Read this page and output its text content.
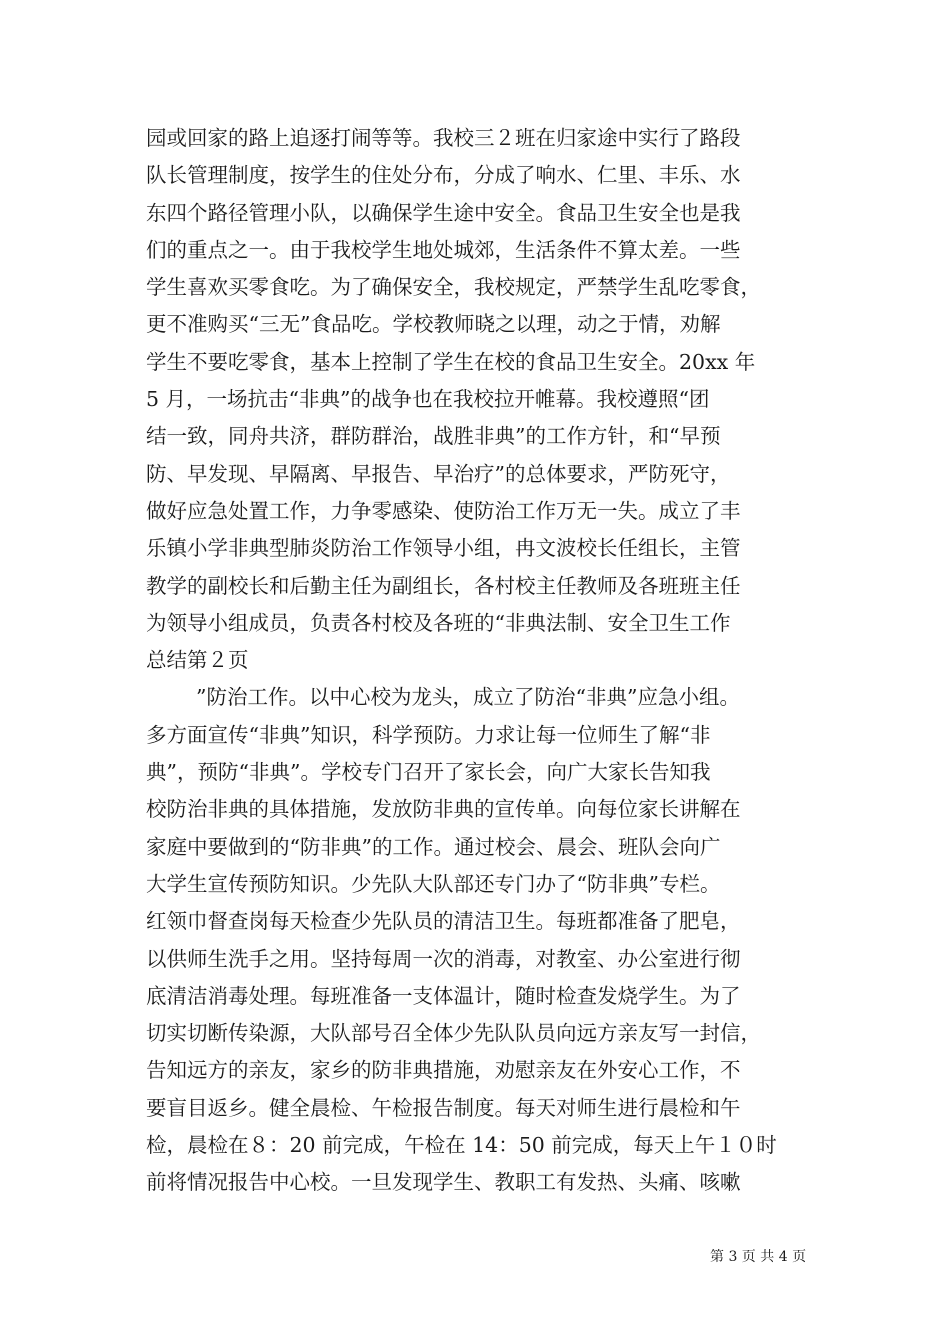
园或回家的路上追逐打闹等等。我校三２班在归家途中实行了路段
队长管理制度，按学生的住处分布，分成了响水、仁里、丰乐、水
东四个路径管理小队，以确保学生途中安全。食品卫生安全也是我
们的重点之一。由于我校学生地处城郊，生活条件不算太差。一些
学生喜欢买零食吃。为了确保安全，我校规定，严禁学生乱吃零食，
更不准购买“三无”食品吃。学校教师晓之以理，动之于情，劝解
学生不要吃零食，基本上控制了学生在校的食品卫生安全。20xx 年
5 月，一场抗击“非典”的战争也在我校拉开帷幕。我校遵照“团
结一致，同舟共济，群防群治，战胜非典”的工作方针，和“早预
防、早发现、早隔离、早报告、早治疗”的总体要求，严防死守，
做好应急处置工作，力争零感染、使防治工作万无一失。成立了丰
乐镇小学非典型肺炎防治工作领导小组，冉文波校长任组长，主管
教学的副校长和后勤主任为副组长，各村校主任教师及各班班主任
为领导小组成员，负责各村校及各班的“非典法制、安全卫生工作
总结第２页
”防治工作。以中心校为龙头，成立了防治“非典”应急小组。
多方面宣传“非典”知识，科学预防。力求让每一位师生了解“非
典”，预防“非典”。学校专门召开了家长会，向广大家长告知我
校防治非典的具体措施，发放防非典的宣传单。向每位家长讲解在
家庭中要做到的“防非典”的工作。通过校会、晨会、班队会向广
大学生宣传预防知识。少先队大队部还专门办了“防非典”专栏。
红领巾督查岗每天检查少先队员的清洁卫生。每班都准备了肥皂，
以供师生洗手之用。坚持每周一次的消毒，对教室、办公室进行彻
底清洁消毒处理。每班准备一支体温计，随时检查发烧学生。为了
切实切断传染源，大队部号召全体少先队队员向远方亲友写一封信，
告知远方的亲友，家乡的防非典措施，劝慰亲友在外安心工作，不
要盲目返乡。健全晨检、午检报告制度。每天对师生进行晨检和午
检，晨检在８：20 前完成，午检在 14：50 前完成，每天上午１０时
前将情况报告中心校。一旦发现学生、教职工有发热、头痛、咳嗽
第 3 页 共 4 页
